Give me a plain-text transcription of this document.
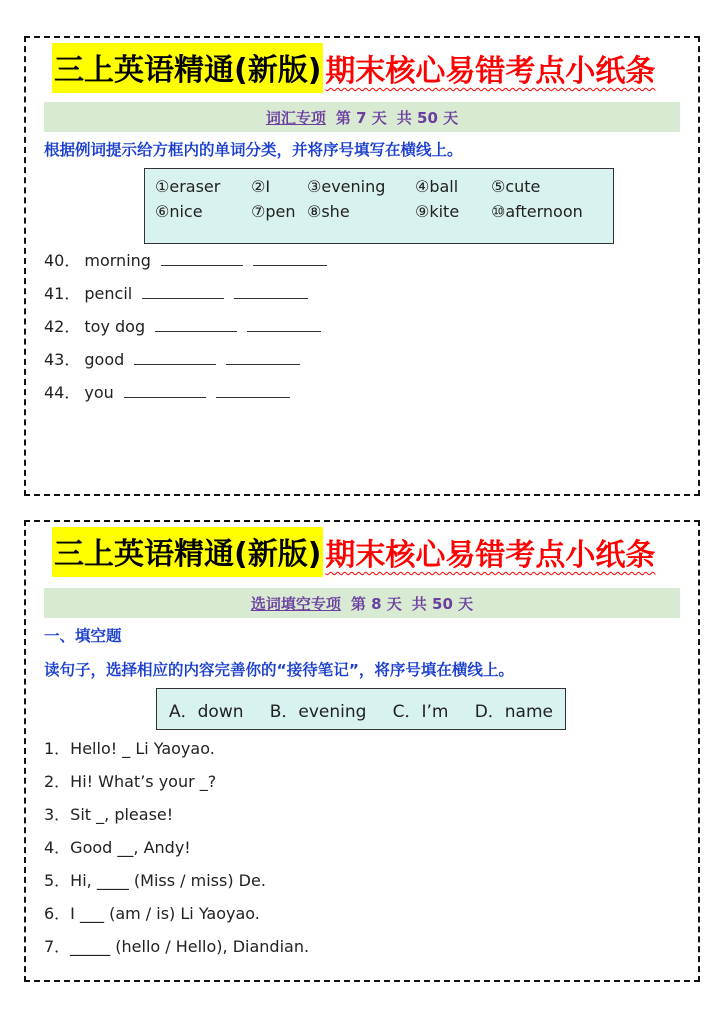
三上英语精通(新版) 期末核心易错考点小纸条
词汇专项 第 7 天 共 50 天
根据例词提示给方框内的单词分类，并将序号填写在横线上。
①eraser	②I	③evening	④ball	⑤cute
⑥nice	⑦pen ⑧she	⑨kite	⑩afternoon
40． morning
41． pencil
42． toy dog
43． good
44． you
三上英语精通(新版) 期末核心易错考点小纸条
选词填空专项 第 8 天 共 50 天
一、填空题
读句子，选择相应的内容完善你的“接待笔记”，将序号填在横线上。
A．down B．evening C．I’m D．name
1．Hello! _ Li Yaoyao.
2．Hi! What’s your _?
3．Sit _, please!
4．Good __, Andy!
5．Hi, ____ (Miss / miss) De.
6．I ___ (am / is) Li Yaoyao.
7．_____ (hello / Hello), Diandian.
